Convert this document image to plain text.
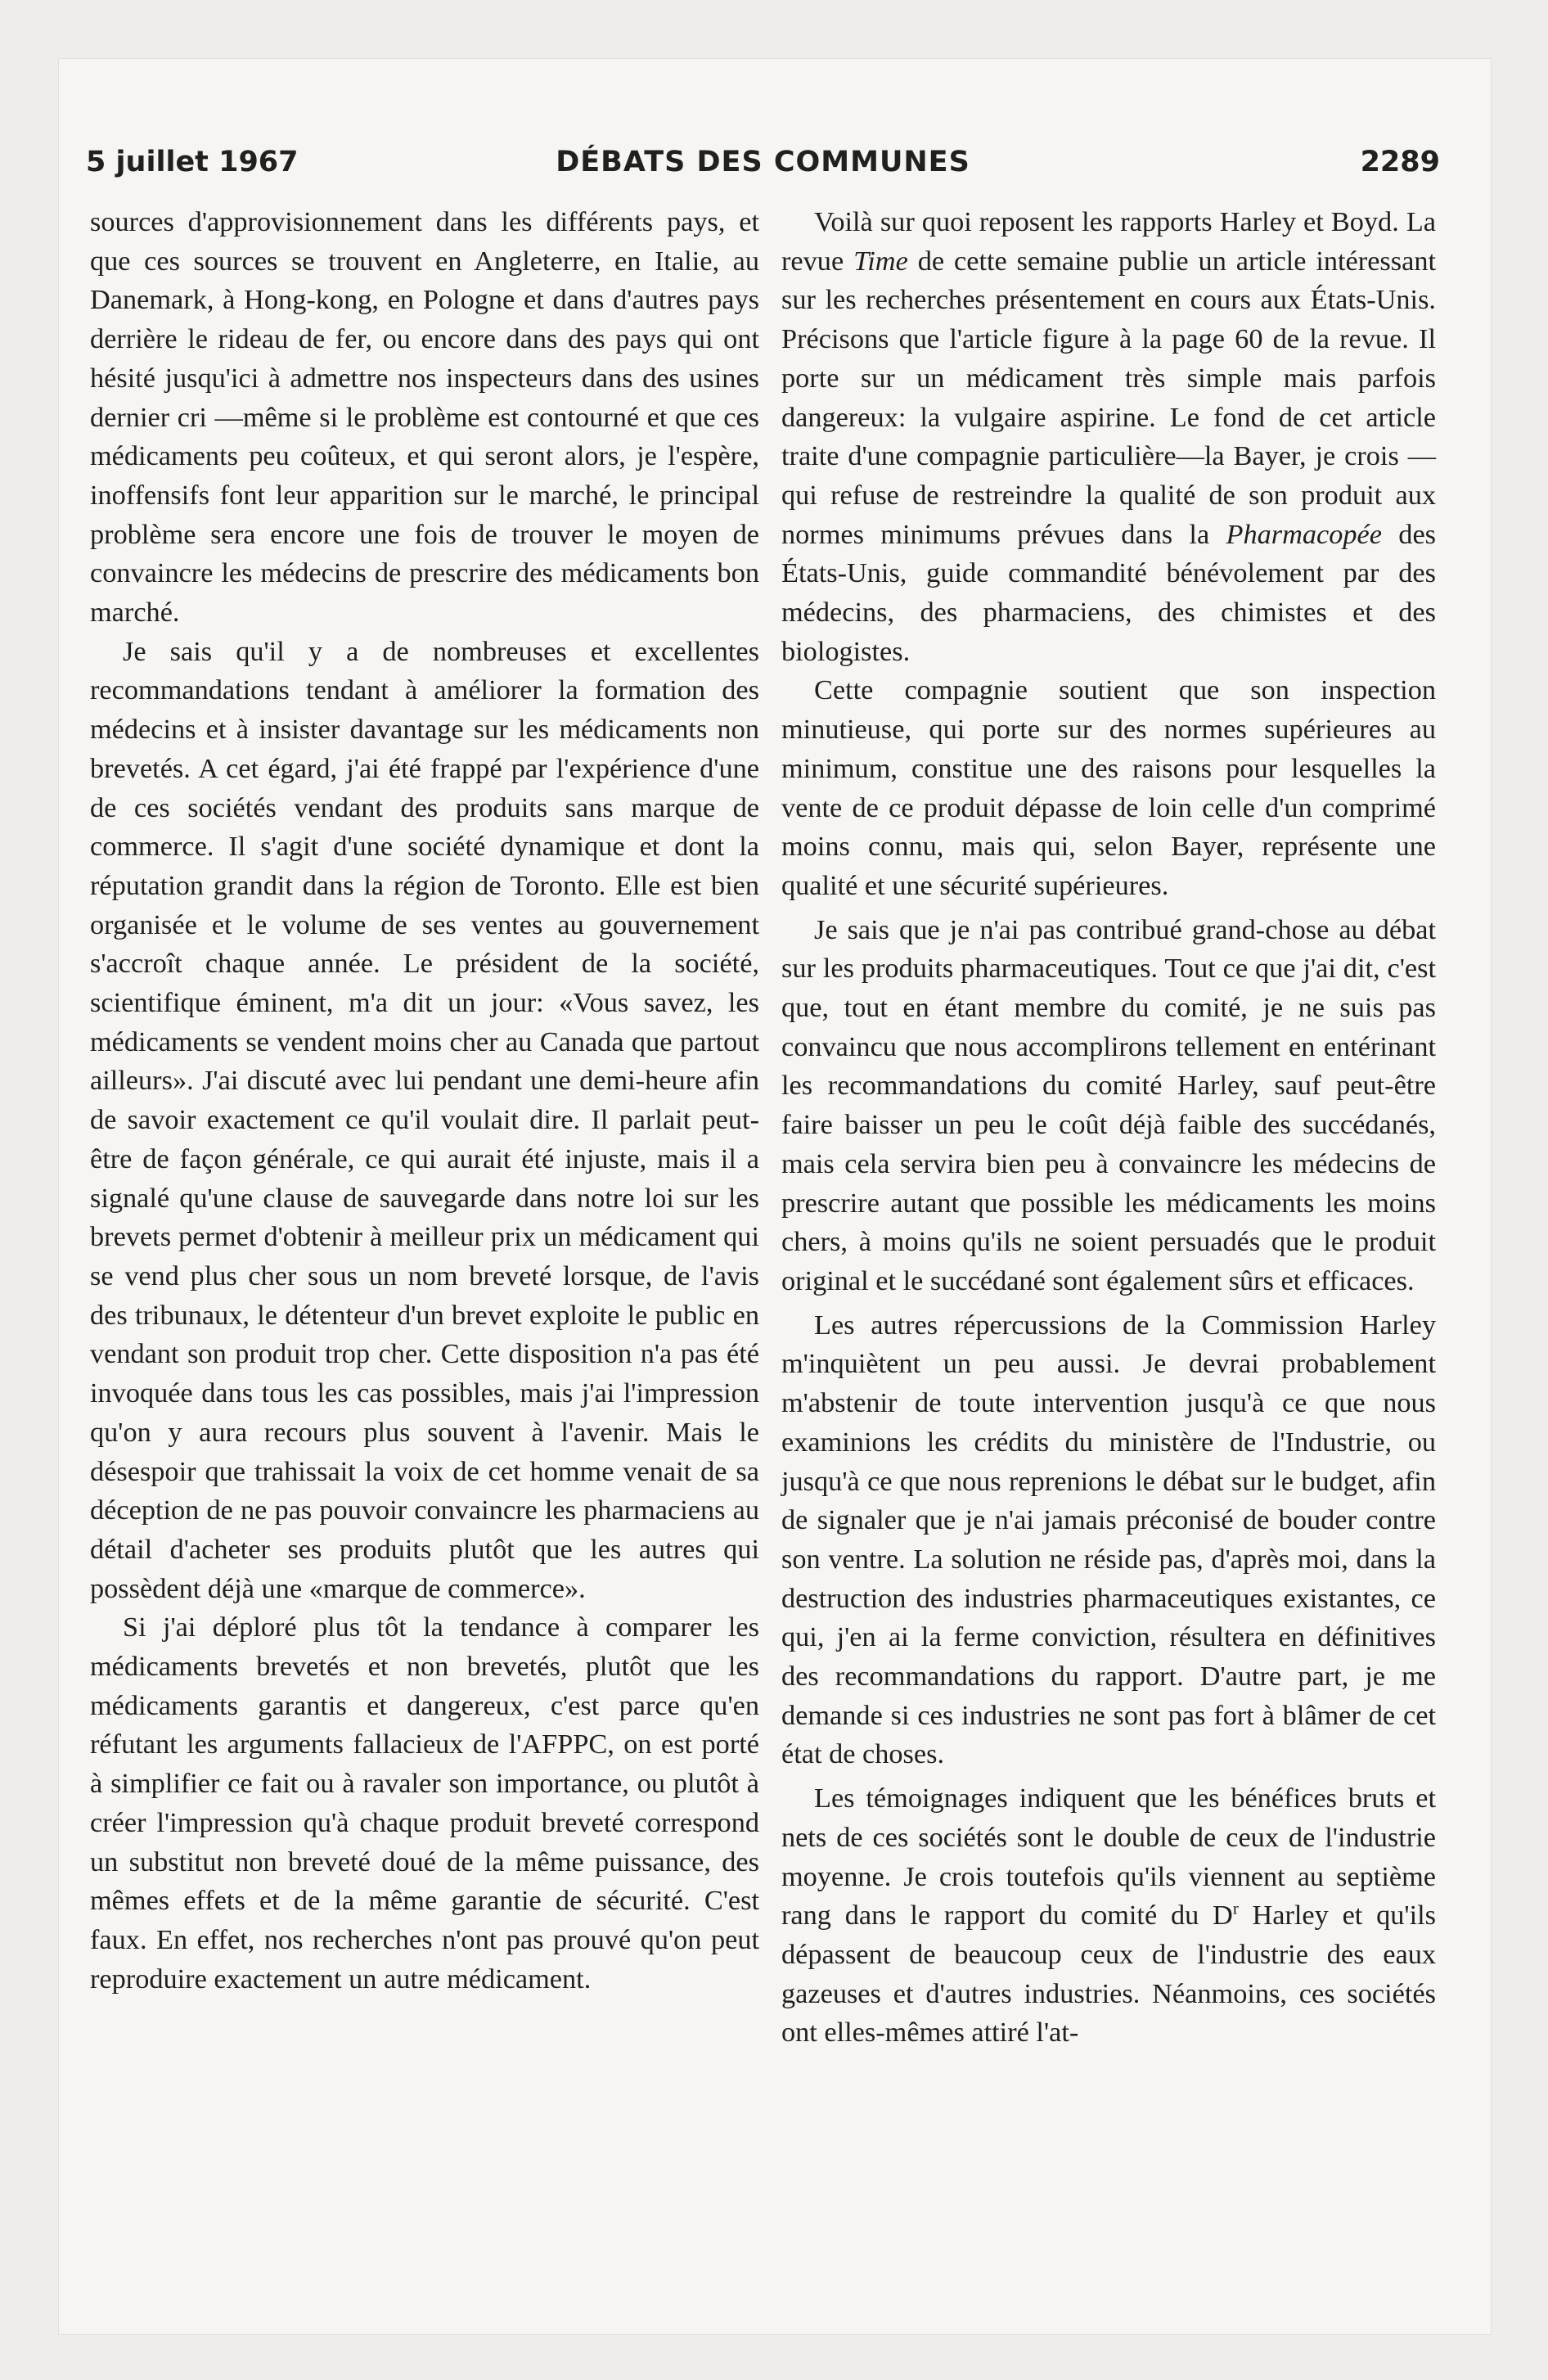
5 juillet 1967	DÉBATS DES COMMUNES	2289

sources d'approvisionnement dans les différents pays, et que ces sources se trouvent en Angleterre, en Italie, au Danemark, à Hong-kong, en Pologne et dans d'autres pays derrière le rideau de fer, ou encore dans des pays qui ont hésité jusqu'ici à admettre nos inspecteurs dans des usines dernier cri —même si le problème est contourné et que ces médicaments peu coûteux, et qui seront alors, je l'espère, inoffensifs font leur apparition sur le marché, le principal problème sera encore une fois de trouver le moyen de convaincre les médecins de prescrire des médicaments bon marché.

Je sais qu'il y a de nombreuses et excellentes recommandations tendant à améliorer la formation des médecins et à insister davantage sur les médicaments non brevetés. A cet égard, j'ai été frappé par l'expérience d'une de ces sociétés vendant des produits sans marque de commerce. Il s'agit d'une société dynamique et dont la réputation grandit dans la région de Toronto. Elle est bien organisée et le volume de ses ventes au gouvernement s'accroît chaque année. Le président de la société, scientifique éminent, m'a dit un jour: «Vous savez, les médicaments se vendent moins cher au Canada que partout ailleurs». J'ai discuté avec lui pendant une demi-heure afin de savoir exactement ce qu'il voulait dire. Il parlait peut-être de façon générale, ce qui aurait été injuste, mais il a signalé qu'une clause de sauvegarde dans notre loi sur les brevets permet d'obtenir à meilleur prix un médicament qui se vend plus cher sous un nom breveté lorsque, de l'avis des tribunaux, le détenteur d'un brevet exploite le public en vendant son produit trop cher. Cette disposition n'a pas été invoquée dans tous les cas possibles, mais j'ai l'impression qu'on y aura recours plus souvent à l'avenir. Mais le désespoir que trahissait la voix de cet homme venait de sa déception de ne pas pouvoir convaincre les pharmaciens au détail d'acheter ses produits plutôt que les autres qui possèdent déjà une «marque de commerce».

Si j'ai déploré plus tôt la tendance à comparer les médicaments brevetés et non brevetés, plutôt que les médicaments garantis et dangereux, c'est parce qu'en réfutant les arguments fallacieux de l'AFPPC, on est porté à simplifier ce fait ou à ravaler son importance, ou plutôt à créer l'impression qu'à chaque produit breveté correspond un substitut non breveté doué de la même puissance, des mêmes effets et de la même garantie de sécurité. C'est faux. En effet, nos recherches n'ont pas prouvé qu'on peut reproduire exactement un autre médicament.

Voilà sur quoi reposent les rapports Harley et Boyd. La revue Time de cette semaine publie un article intéressant sur les recherches présentement en cours aux États-Unis. Précisons que l'article figure à la page 60 de la revue. Il porte sur un médicament très simple mais parfois dangereux: la vulgaire aspirine. Le fond de cet article traite d'une compagnie particulière—la Bayer, je crois —qui refuse de restreindre la qualité de son produit aux normes minimums prévues dans la Pharmacopée des États-Unis, guide commandité bénévolement par des médecins, des pharmaciens, des chimistes et des biologistes.

Cette compagnie soutient que son inspection minutieuse, qui porte sur des normes supérieures au minimum, constitue une des raisons pour lesquelles la vente de ce produit dépasse de loin celle d'un comprimé moins connu, mais qui, selon Bayer, représente une qualité et une sécurité supérieures.

Je sais que je n'ai pas contribué grand-chose au débat sur les produits pharmaceutiques. Tout ce que j'ai dit, c'est que, tout en étant membre du comité, je ne suis pas convaincu que nous accomplirons tellement en entérinant les recommandations du comité Harley, sauf peut-être faire baisser un peu le coût déjà faible des succédanés, mais cela servira bien peu à convaincre les médecins de prescrire autant que possible les médicaments les moins chers, à moins qu'ils ne soient persuadés que le produit original et le succédané sont également sûrs et efficaces.

Les autres répercussions de la Commission Harley m'inquiètent un peu aussi. Je devrai probablement m'abstenir de toute intervention jusqu'à ce que nous examinions les crédits du ministère de l'Industrie, ou jusqu'à ce que nous reprenions le débat sur le budget, afin de signaler que je n'ai jamais préconisé de bouder contre son ventre. La solution ne réside pas, d'après moi, dans la destruction des industries pharmaceutiques existantes, ce qui, j'en ai la ferme conviction, résultera en définitives des recommandations du rapport. D'autre part, je me demande si ces industries ne sont pas fort à blâmer de cet état de choses.

Les témoignages indiquent que les bénéfices bruts et nets de ces sociétés sont le double de ceux de l'industrie moyenne. Je crois toutefois qu'ils viennent au septième rang dans le rapport du comité du $D^r$ Harley et qu'ils dépassent de beaucoup ceux de l'industrie des eaux gazeuses et d'autres industries. Néanmoins, ces sociétés ont elles-mêmes attiré l'at-
